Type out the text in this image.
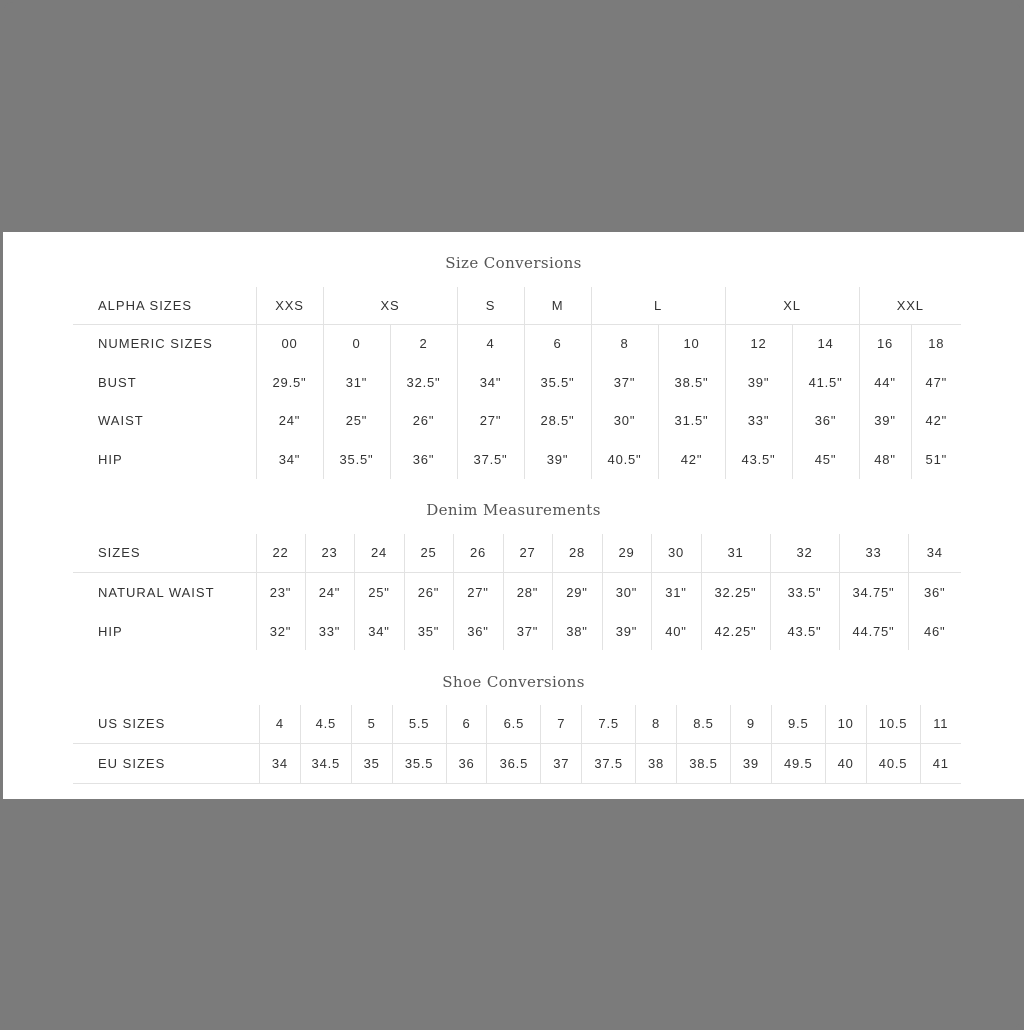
Size Conversions
ALPHA SIZES	XXS	XS		S	M	L		XL		XXL	
NUMERIC SIZES	00	0	2	4	6	8	10	12	14	16	18
BUST	29.5"	31"	32.5"	34"	35.5"	37"	38.5"	39"	41.5"	44"	47"
WAIST	24"	25"	26"	27"	28.5"	30"	31.5"	33"	36"	39"	42"
HIP	34"	35.5"	36"	37.5"	39"	40.5"	42"	43.5"	45"	48"	51"
Denim Measurements
SIZES	22	23	24	25	26	27	28	29	30	31	32	33	34
NATURAL WAIST	23"	24"	25"	26"	27"	28"	29"	30"	31"	32.25"	33.5"	34.75"	36"
HIP	32"	33"	34"	35"	36"	37"	38"	39"	40"	42.25"	43.5"	44.75"	46"
Shoe Conversions
US SIZES	4	4.5	5	5.5	6	6.5	7	7.5	8	8.5	9	9.5	10	10.5	11
EU SIZES	34	34.5	35	35.5	36	36.5	37	37.5	38	38.5	39	49.5	40	40.5	41
